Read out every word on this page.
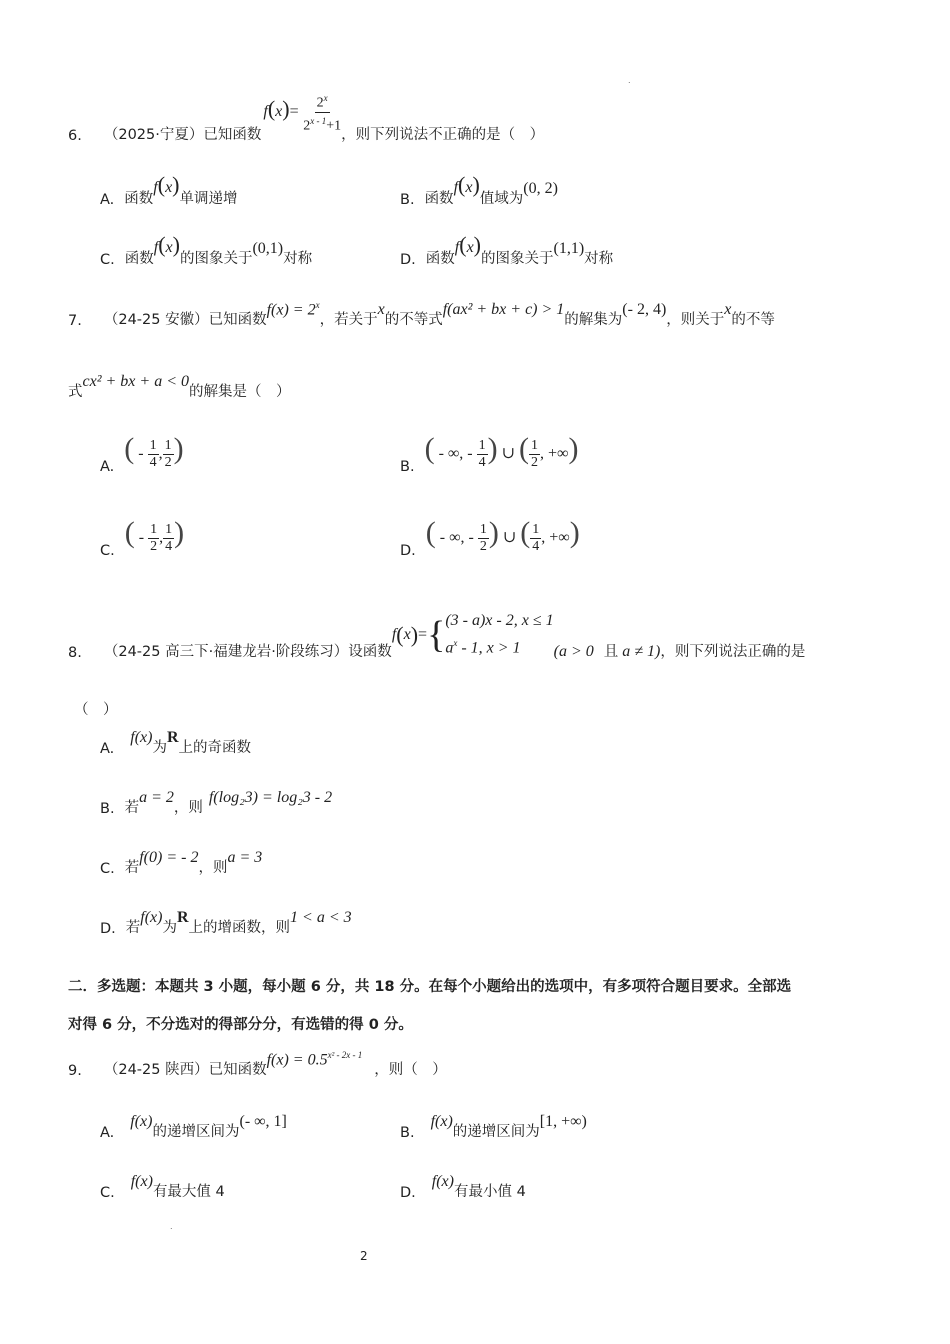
.
6. （2025·宁夏）已知函数
$f(x)= \frac{2^x}{2^{x - 1}+1}$
，则下列说法不正确的是（　）
A. 函数
f(x)
单调递增	B. 函数
f(x)
值域为
(0, 2)
C. 函数
f(x)
的图象关于
(0,1)
对称	D. 函数
f(x)
的图象关于
(1,1)
对称
7. （24-25 安徽）已知函数
$f(x) = 2^x$
，若关于
x
的不等式
f(ax² + bx + c) > 1
的解集为
(- 2, 4)
，则关于
x
的不等
式
cx² + bx + a < 0
的解集是（　）
A.
( - $\frac{1}{4}$ , $\frac{1}{2}$ )
B.
( - ∞, - $\frac{1}{4}$ ) ∪ ( $\frac{1}{2}$ , +∞)
C.
( - $\frac{1}{2}$ , $\frac{1}{4}$ )
D.
( - ∞, - $\frac{1}{2}$ ) ∪ ( $\frac{1}{4}$ , +∞)
8. （24-25 高三下·福建龙岩·阶段练习）设函数
f ( x ) = { (3 - a)x - 2, x ≤ 1
$a^x - 1$, x > 1	(a > 0 且 a ≠ 1) ，则下列说法正确的是
（　）
A.
f(x)
为
R
上的奇函数
B. 若
a = 2
，则
f(log₂3) = log₂3 - 2
C. 若
f(0) = - 2
，则
a = 3
D. 若
f(x)
为
R
上的增函数，则
1 < a < 3
二．多选题：本题共 3 小题，每小题 6 分，共 18 分。在每个小题给出的选项中，有多项符合题目要求。全部选
对得 6 分，不分选对的得部分分，有选错的得 0 分。
9. （24-25 陕西）已知函数
$f(x) = 0.5^{x^2 - 2x - 1}$
，则（　）
A.
f(x)
的递增区间为
(- ∞, 1]
B.
f(x)
的递增区间为
[1, +∞)
C.
f(x)
有最大值 4	D.
f(x)
有最小值 4
.
2
